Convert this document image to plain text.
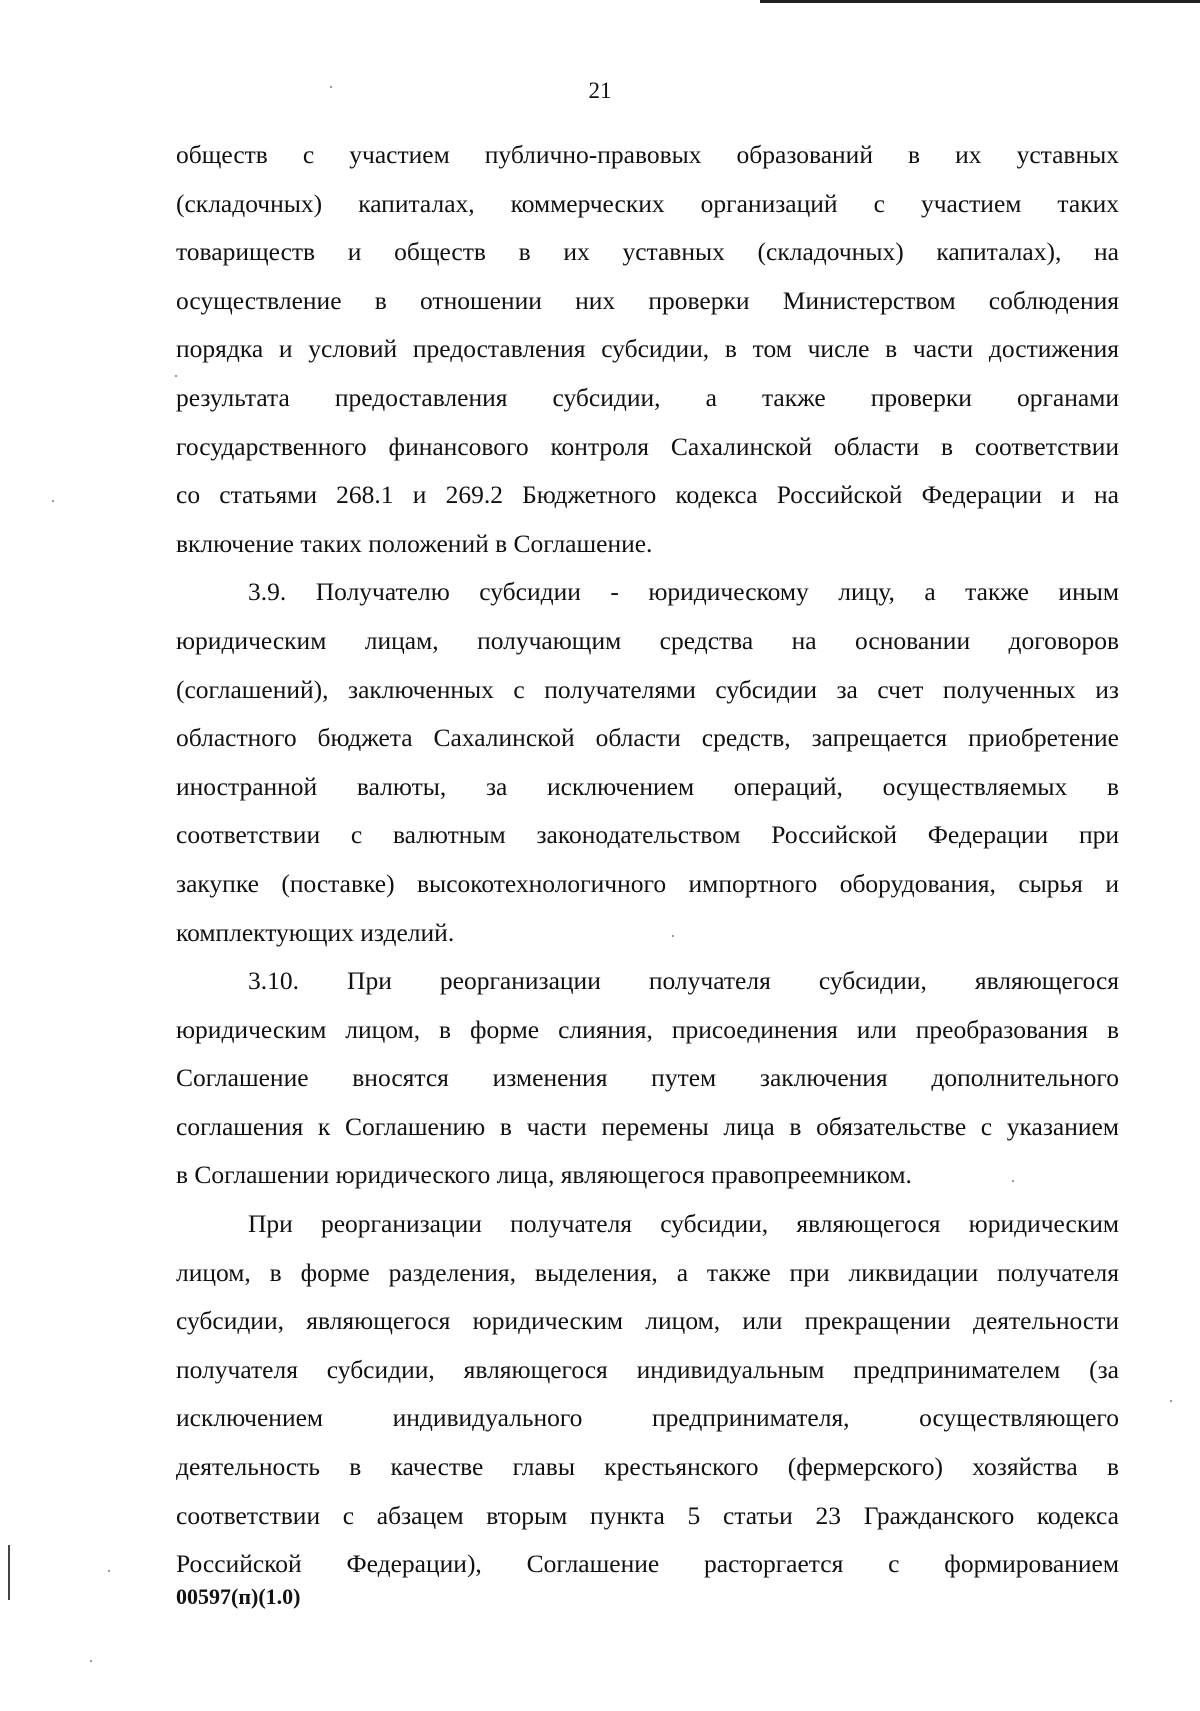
21
обществ с участием публично-правовых образований в их уставных
(складочных) капиталах, коммерческих организаций с участием таких
товариществ и обществ в их уставных (складочных) капиталах), на
осуществление в отношении них проверки Министерством соблюдения
порядка и условий предоставления субсидии, в том числе в части достижения
результата предоставления субсидии, а также проверки органами
государственного финансового контроля Сахалинской области в соответствии
со статьями 268.1 и 269.2 Бюджетного кодекса Российской Федерации и на
включение таких положений в Соглашение.
3.9. Получателю субсидии - юридическому лицу, а также иным
юридическим лицам, получающим средства на основании договоров
(соглашений), заключенных с получателями субсидии за счет полученных из
областного бюджета Сахалинской области средств, запрещается приобретение
иностранной валюты, за исключением операций, осуществляемых в
соответствии с валютным законодательством Российской Федерации при
закупке (поставке) высокотехнологичного импортного оборудования, сырья и
комплектующих изделий.
3.10. При реорганизации получателя субсидии, являющегося
юридическим лицом, в форме слияния, присоединения или преобразования в
Соглашение вносятся изменения путем заключения дополнительного
соглашения к Соглашению в части перемены лица в обязательстве с указанием
в Соглашении юридического лица, являющегося правопреемником.
При реорганизации получателя субсидии, являющегося юридическим
лицом, в форме разделения, выделения, а также при ликвидации получателя
субсидии, являющегося юридическим лицом, или прекращении деятельности
получателя субсидии, являющегося индивидуальным предпринимателем (за
исключением индивидуального предпринимателя, осуществляющего
деятельность в качестве главы крестьянского (фермерского) хозяйства в
соответствии с абзацем вторым пункта 5 статьи 23 Гражданского кодекса
Российской Федерации), Соглашение расторгается с формированием
00597(п)(1.0)
